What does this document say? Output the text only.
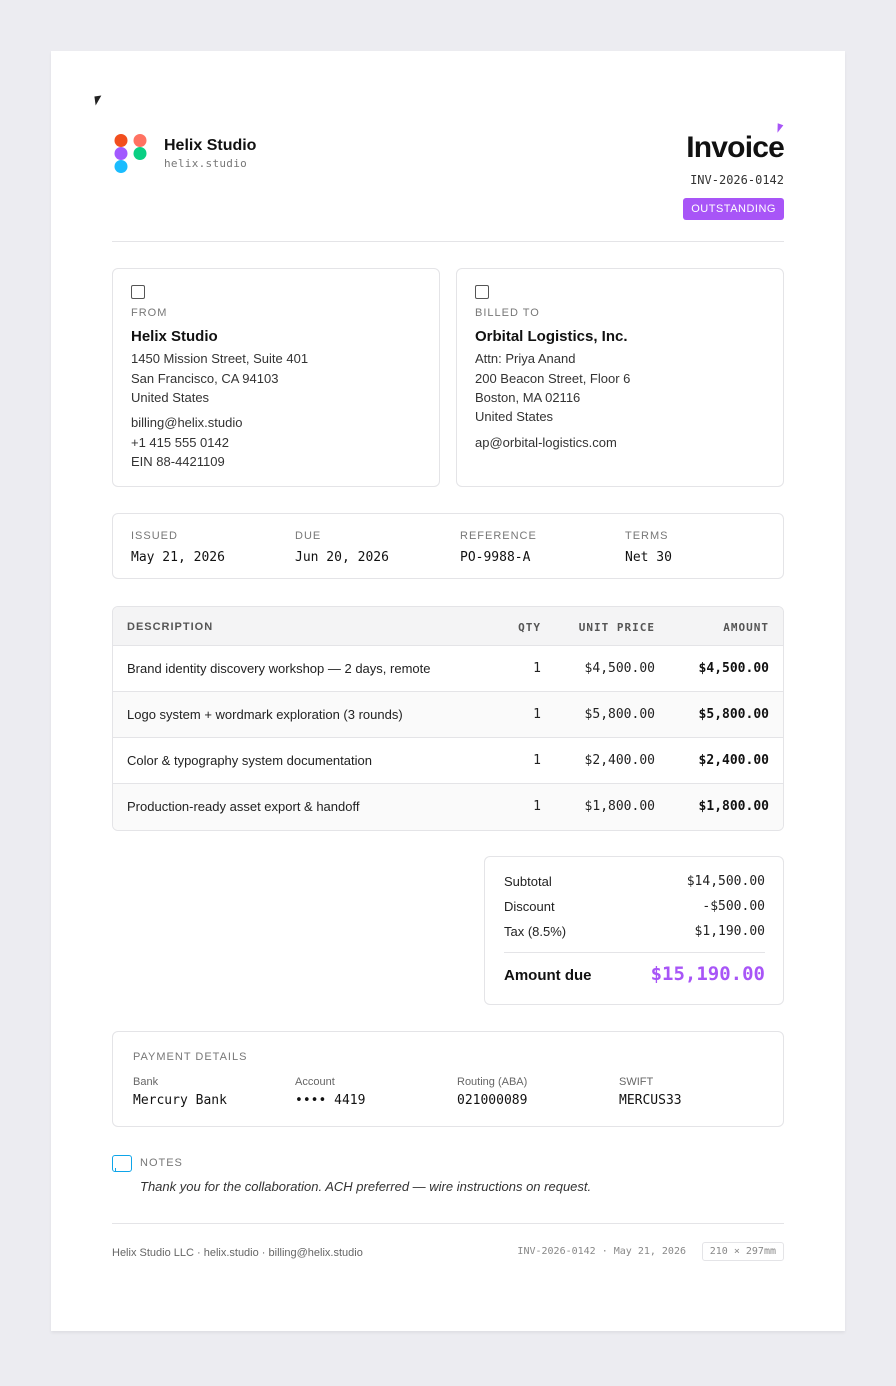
Helix Studio
helix.studio	Invoice
INV-2026-0142
OUTSTANDING
FROM
Helix Studio
1450 Mission Street, Suite 401
San Francisco, CA 94103
United States
billing@helix.studio
+1 415 555 0142
EIN 88-4421109
BILLED TO
Orbital Logistics, Inc.
Attn: Priya Anand
200 Beacon Street, Floor 6
Boston, MA 02116
United States
ap@orbital-logistics.com
ISSUED
May 21, 2026
DUE
Jun 20, 2026
REFERENCE
PO-9988-A
TERMS
Net 30
DESCRIPTION	QTY	UNIT PRICE	AMOUNT
Brand identity discovery workshop — 2 days, remote	1	$4,500.00	$4,500.00
Logo system + wordmark exploration (3 rounds)	1	$5,800.00	$5,800.00
Color & typography system documentation	1	$2,400.00	$2,400.00
Production-ready asset export & handoff	1	$1,800.00	$1,800.00
Subtotal	$14,500.00
Discount	-$500.00
Tax (8.5%)	$1,190.00
Amount due	$15,190.00
PAYMENT DETAILS
Bank
Mercury Bank
Account
•••• 4419
Routing (ABA)
021000089
SWIFT
MERCUS33
NOTES
Thank you for the collaboration. ACH preferred — wire instructions on request.
Helix Studio LLC · helix.studio · billing@helix.studio	INV-2026-0142 · May 21, 2026	210 × 297mm
